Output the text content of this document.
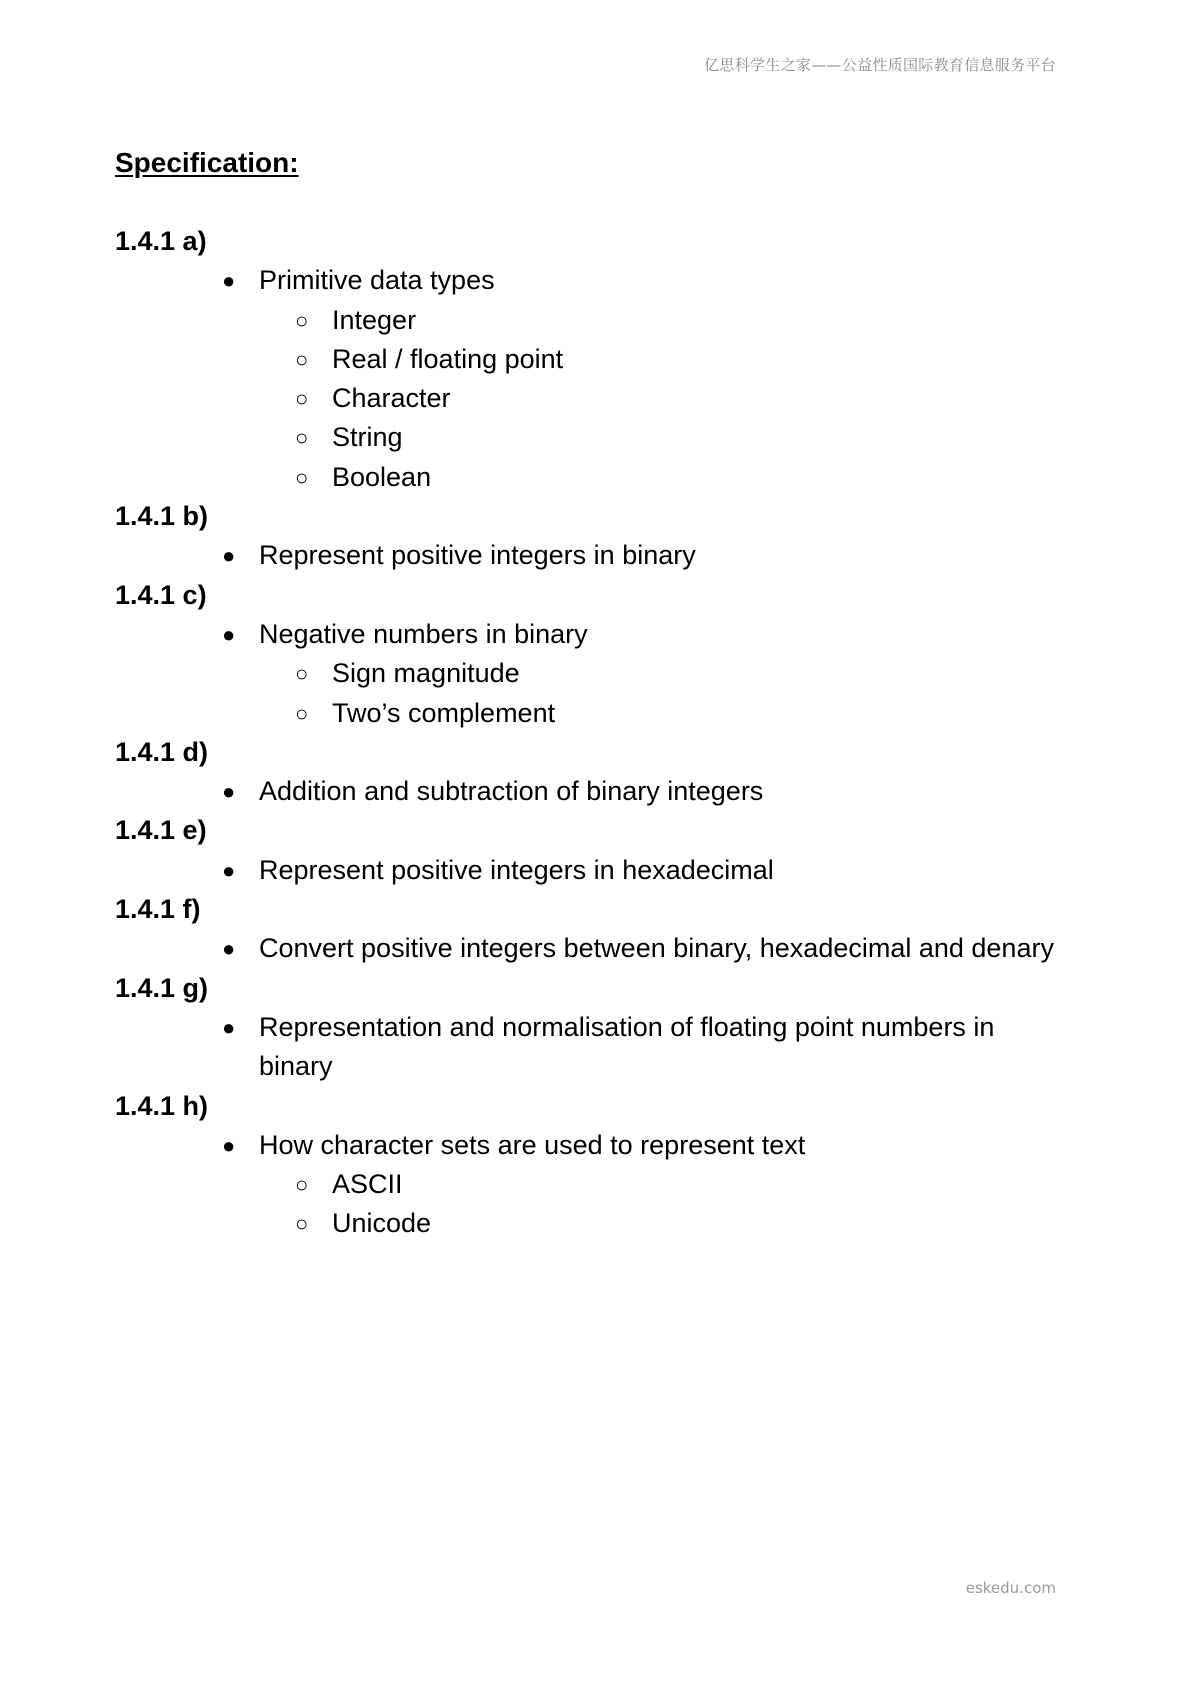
亿思科学生之家——公益性质国际教育信息服务平台
Specification:
1.4.1 a)
● Primitive data types
○ Integer
○ Real / floating point
○ Character
○ String
○ Boolean
1.4.1 b)
● Represent positive integers in binary
1.4.1 c)
● Negative numbers in binary
○ Sign magnitude
○ Two’s complement
1.4.1 d)
● Addition and subtraction of binary integers
1.4.1 e)
● Represent positive integers in hexadecimal
1.4.1 f)
● Convert positive integers between binary, hexadecimal and denary
1.4.1 g)
● Representation and normalisation of floating point numbers in binary
1.4.1 h)
● How character sets are used to represent text
○ ASCII
○ Unicode
eskedu.com
